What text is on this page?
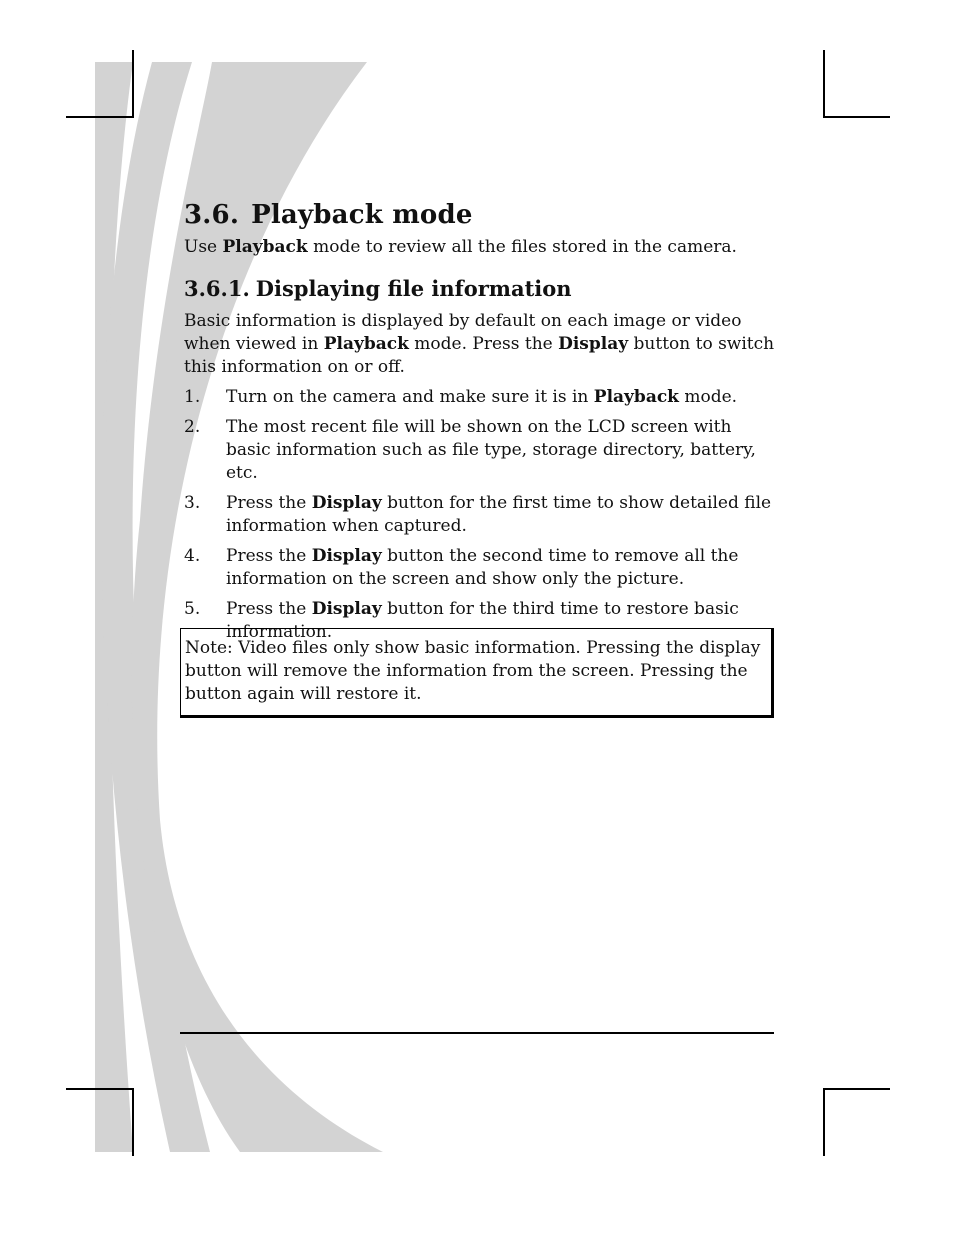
3.6. Playback mode

Use Playback mode to review all the files stored in the camera.

3.6.1. Displaying file information

Basic information is displayed by default on each image or video when viewed in Playback mode. Press the Display button to switch this information on or off.

1.	Turn on the camera and make sure it is in Playback mode.
2.	The most recent file will be shown on the LCD screen with basic information such as file type, storage directory, battery, etc.
3.	Press the Display button for the first time to show detailed file information when captured.
4.	Press the Display button the second time to remove all the information on the screen and show only the picture.
5.	Press the Display button for the third time to restore basic information.
Note: Video files only show basic information. Pressing the display button will remove the information from the screen. Pressing the button again will restore it.
